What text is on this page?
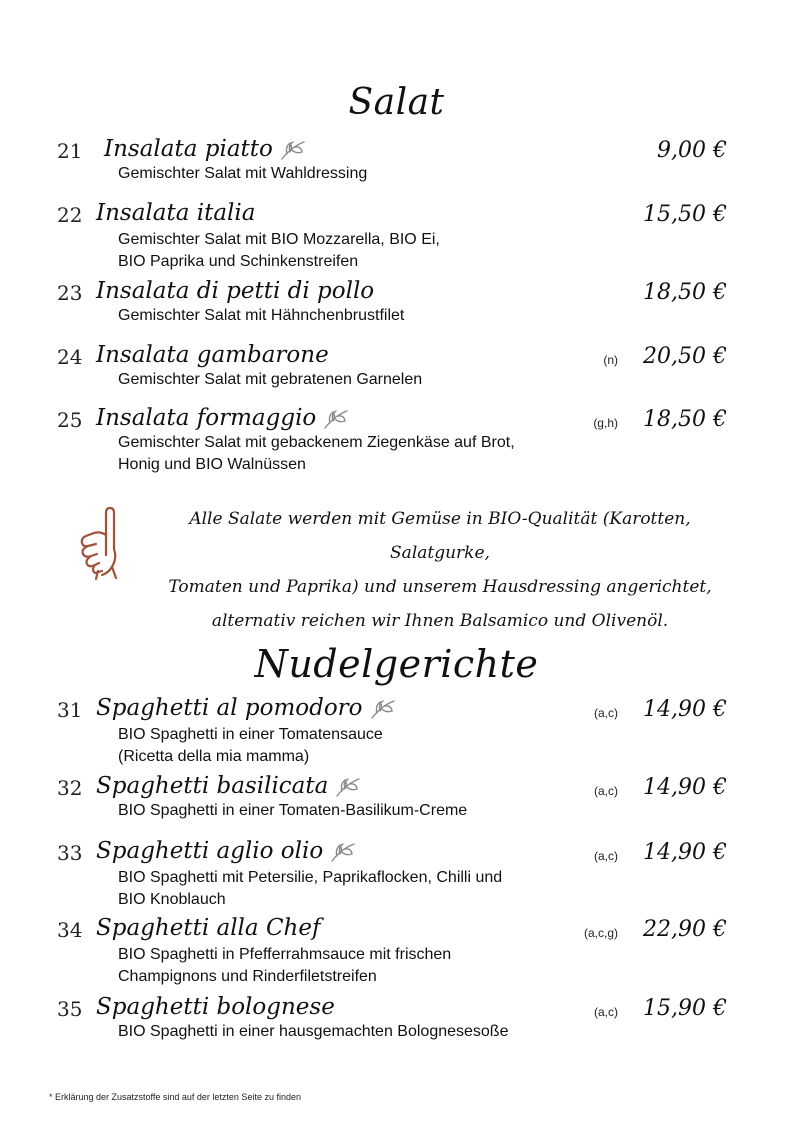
Salat
21 Insalata piatto	9,00 €
Gemischter Salat mit Wahldressing
22 Insalata italia	15,50 €
Gemischter Salat mit BIO Mozzarella, BIO Ei,
BIO Paprika und Schinkenstreifen
23 Insalata di petti di pollo	18,50 €
Gemischter Salat mit Hähnchenbrustfilet
24 Insalata gambarone	(n) 20,50 €
Gemischter Salat mit gebratenen Garnelen
25 Insalata formaggio	(g,h) 18,50 €
Gemischter Salat mit gebackenem Ziegenkäse auf Brot,
Honig und BIO Walnüssen
Alle Salate werden mit Gemüse in BIO-Qualität (Karotten, Salatgurke,
Tomaten und Paprika) und unserem Hausdressing angerichtet,
alternativ reichen wir Ihnen Balsamico und Olivenöl.
Nudelgerichte
31 Spaghetti al pomodoro	(a,c) 14,90 €
BIO Spaghetti in einer Tomatensauce
(Ricetta della mia mamma)
32 Spaghetti basilicata	(a,c) 14,90 €
BIO Spaghetti in einer Tomaten-Basilikum-Creme
33 Spaghetti aglio olio	(a,c) 14,90 €
BIO Spaghetti mit Petersilie, Paprikaflocken, Chilli und
BIO Knoblauch
34 Spaghetti alla Chef	(a,c,g) 22,90 €
BIO Spaghetti in Pfefferrahmsauce mit frischen
Champignons und Rinderfiletstreifen
35 Spaghetti bolognese	(a,c) 15,90 €
BIO Spaghetti in einer hausgemachten Bolognesesoße
* Erklärung der Zusatzstoffe sind auf der letzten Seite zu finden
